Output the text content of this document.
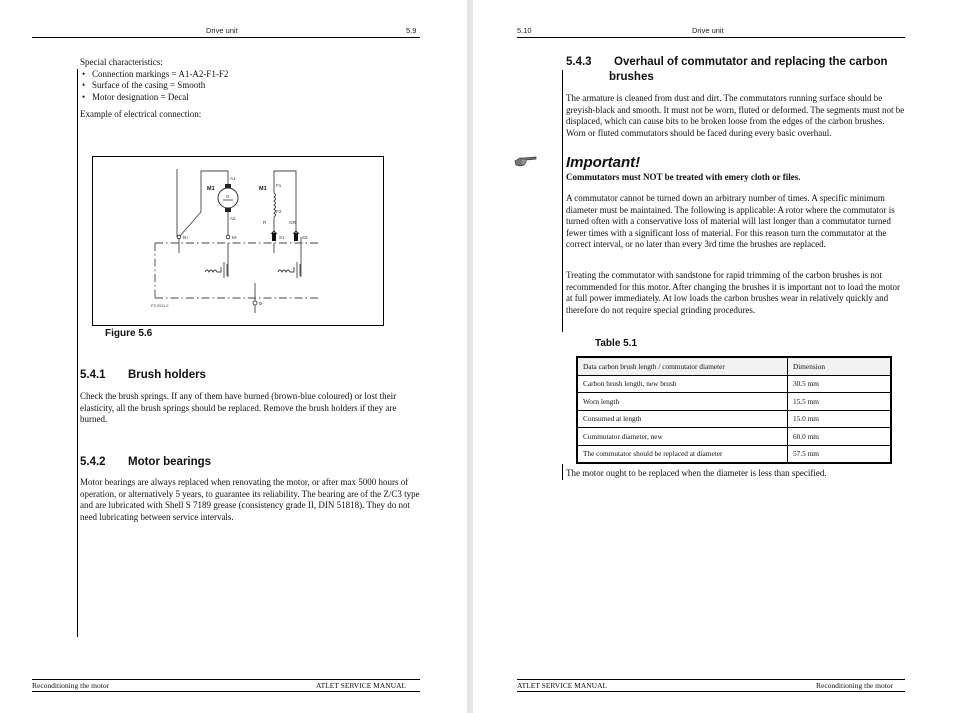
Drive unit	5.9
Special characteristics:
• Connection markings = A1-A2-F1-F2
• Surface of the casing = Smooth
• Motor designation = Decal
Example of electrical connection:
M1	M1
A1
A2
G
F1
F2
R	GR
B+	M-	S1	S2
B-
FS 2011-2
Figure 5.6
5.4.1 Brush holders
Check the brush springs. If any of them have burned (brown-blue coloured) or lost their elasticity, all the brush springs should be replaced. Remove the brush holders if they are burned.
5.4.2 Motor bearings
Motor bearings are always replaced when renovating the motor, or after max 5000 hours of operation, or alternatively 5 years, to guarantee its reliability. The bearing are of the Z/C3 type and are lubricated with Shell S 7189 grease (consistency grade II, DIN 51818). They do not need lubricating between service intervals.
Reconditioning the motor	ATLET SERVICE MANUAL
5.10	Drive unit
5.4.3 Overhaul of commutator and replacing the carbon
brushes
The armature is cleaned from dust and dirt. The commutators running surface should be greyish-black and smooth. It must not be worn, fluted or deformed. The segments must not be displaced, which can cause bits to be broken loose from the edges of the carbon brushes. Worn or fluted commutators should be faced during every basic overhaul.
Important!
Commutators must NOT be treated with emery cloth or files.
A commutator cannot be turned down an arbitrary number of times. A specific minimum diameter must be maintained. The following is applicable: A rotor where the commutator is turned often with a conservative loss of material will last longer than a commutator turned fewer times with a significant loss of material. For this reason turn the commutator at the correct interval, or no later than every 3rd time the brushes are replaced.
Treating the commutator with sandstone for rapid trimming of the carbon brushes is not recommended for this motor. After changing the brushes it is important not to load the motor at full power immediately. At low loads the carbon brushes wear in relatively quickly and therefore do not require special grinding procedures.
Table 5.1
Data carbon brush length / commutator diameter	Dimension
Carbon brush length, new brush	30.5 mm
Worn length	15.5 mm
Consumed at length	15.0 mm
Cummutator diameter, new	60.0 mm
The commutator should be replaced at diameter	57.5 mm
The motor ought to be replaced when the diameter is less than specified.
ATLET SERVICE MANUAL	Reconditioning the motor
